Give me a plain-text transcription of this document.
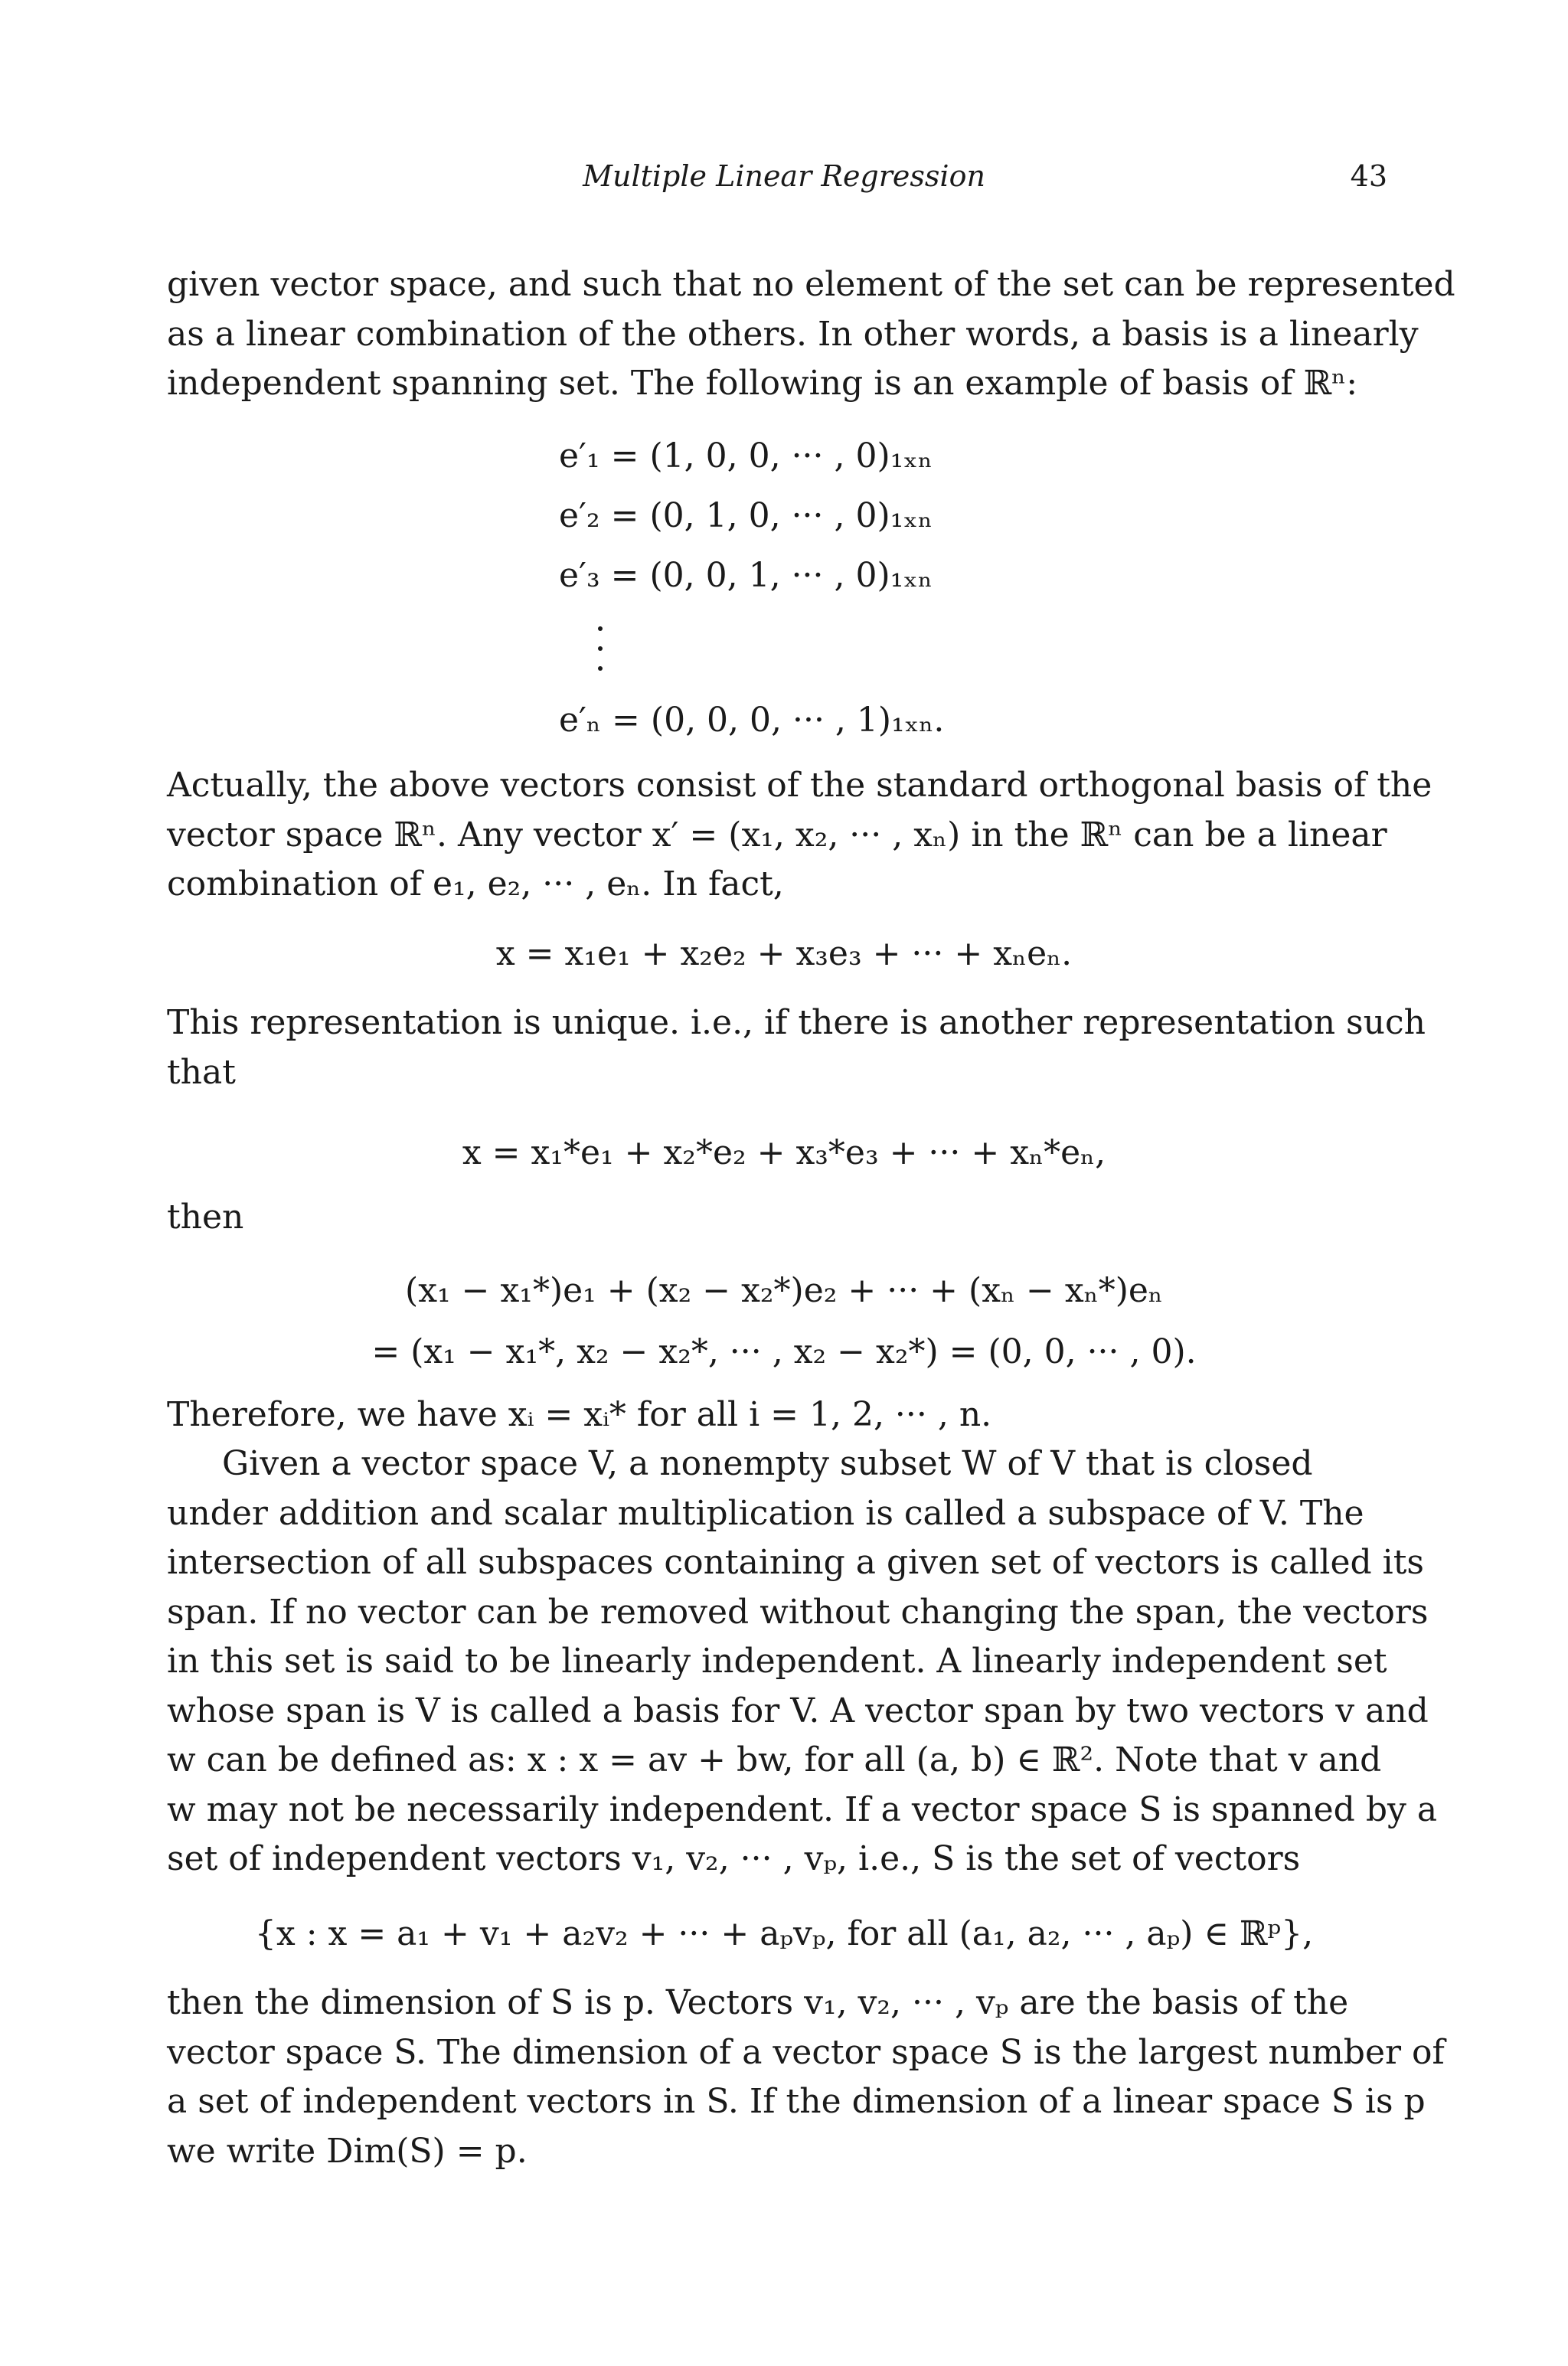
Multiple Linear Regression	43
given vector space, and such that no element of the set can be represented
as a linear combination of the others. In other words, a basis is a linearly
independent spanning set. The following is an example of basis of ℝⁿ:
e′₁ = (1, 0, 0, ··· , 0)₁ₓₙ
e′₂ = (0, 1, 0, ··· , 0)₁ₓₙ
e′₃ = (0, 0, 1, ··· , 0)₁ₓₙ
e′ₙ = (0, 0, 0, ··· , 1)₁ₓₙ.
Actually, the above vectors consist of the standard orthogonal basis of the
vector space ℝⁿ. Any vector x′ = (x₁, x₂, ··· , xₙ) in the ℝⁿ can be a linear
combination of e₁, e₂, ··· , eₙ. In fact,
x = x₁e₁ + x₂e₂ + x₃e₃ + ··· + xₙeₙ.
This representation is unique. i.e., if there is another representation such
that
x = x₁*e₁ + x₂*e₂ + x₃*e₃ + ··· + xₙ*eₙ,
then
(x₁ − x₁*)e₁ + (x₂ − x₂*)e₂ + ··· + (xₙ − xₙ*)eₙ
= (x₁ − x₁*, x₂ − x₂*, ··· , x₂ − x₂*) = (0, 0, ··· , 0).
Therefore, we have xᵢ = xᵢ* for all i = 1, 2, ··· , n.
Given a vector space V, a nonempty subset W of V that is closed
under addition and scalar multiplication is called a subspace of V. The
intersection of all subspaces containing a given set of vectors is called its
span. If no vector can be removed without changing the span, the vectors
in this set is said to be linearly independent. A linearly independent set
whose span is V is called a basis for V. A vector span by two vectors v and
w can be defined as: x : x = av + bw, for all (a, b) ∈ ℝ². Note that v and
w may not be necessarily independent. If a vector space S is spanned by a
set of independent vectors v₁, v₂, ··· , vₚ, i.e., S is the set of vectors
{x : x = a₁ + v₁ + a₂v₂ + ··· + aₚvₚ, for all (a₁, a₂, ··· , aₚ) ∈ ℝᵖ},
then the dimension of S is p. Vectors v₁, v₂, ··· , vₚ are the basis of the
vector space S. The dimension of a vector space S is the largest number of
a set of independent vectors in S. If the dimension of a linear space S is p
we write Dim(S) = p.
